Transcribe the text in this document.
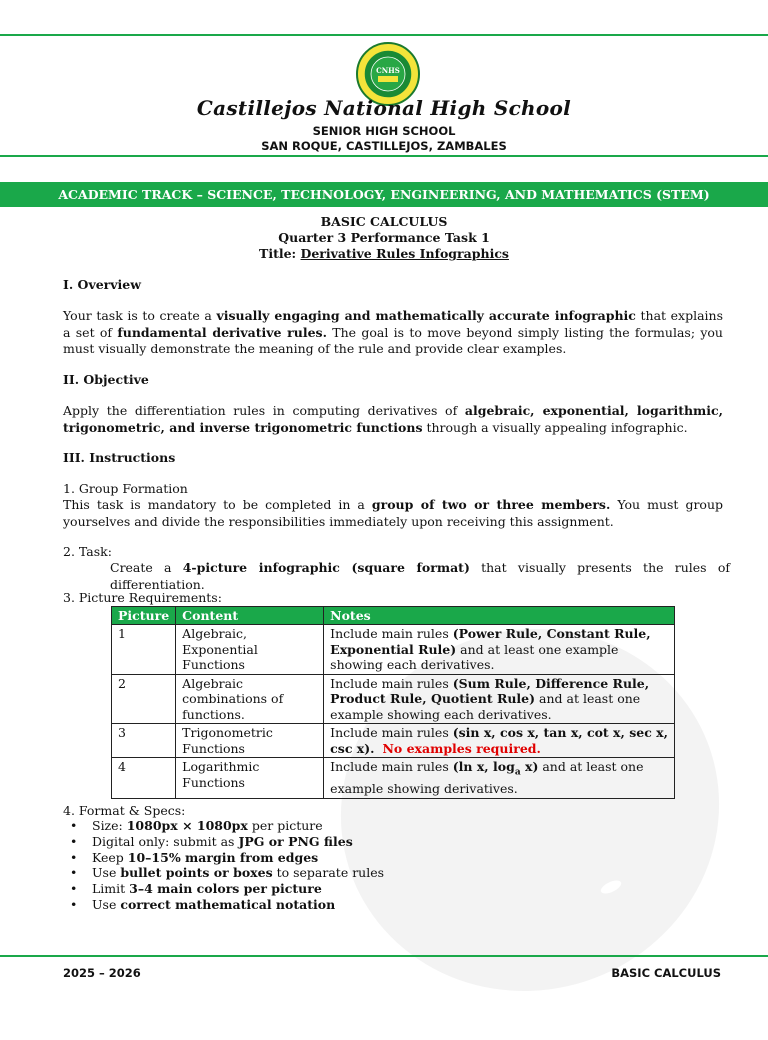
CNHS
Castillejos National High School
SENIOR HIGH SCHOOL
SAN ROQUE, CASTILLEJOS, ZAMBALES
ACADEMIC TRACK – SCIENCE, TECHNOLOGY, ENGINEERING, AND MATHEMATICS (STEM)
BASIC CALCULUS
Quarter 3 Performance Task 1
Title: Derivative Rules Infographics
I. Overview
Your task is to create a visually engaging and mathematically accurate infographic that explains a set of fundamental derivative rules. The goal is to move beyond simply listing the formulas; you must visually demonstrate the meaning of the rule and provide clear examples.
II. Objective
Apply the differentiation rules in computing derivatives of algebraic, exponential, logarithmic, trigonometric, and inverse trigonometric functions through a visually appealing infographic.
III. Instructions
1. Group Formation
This task is mandatory to be completed in a group of two or three members. You must group yourselves and divide the responsibilities immediately upon receiving this assignment.
2. Task:
Create a 4-picture infographic (square format) that visually presents the rules of differentiation.
3. Picture Requirements:
Picture	Content	Notes
1	Algebraic, Exponential Functions	Include main rules (Power Rule, Constant Rule, Exponential Rule) and at least one example showing each derivatives.
2	Algebraic combinations of functions.	Include main rules (Sum Rule, Difference Rule, Product Rule, Quotient Rule) and at least one example showing each derivatives.
3	Trigonometric Functions	Include main rules (sin x, cos x, tan x, cot x, sec x, csc x). No examples required.
4	Logarithmic Functions	Include main rules (ln x, $\log_a x$) and at least one example showing derivatives.
4. Format & Specs:
• Size: 1080px × 1080px per picture
• Digital only: submit as JPG or PNG files
• Keep 10–15% margin from edges
• Use bullet points or boxes to separate rules
• Limit 3–4 main colors per picture
• Use correct mathematical notation
2025 – 2026	BASIC CALCULUS
